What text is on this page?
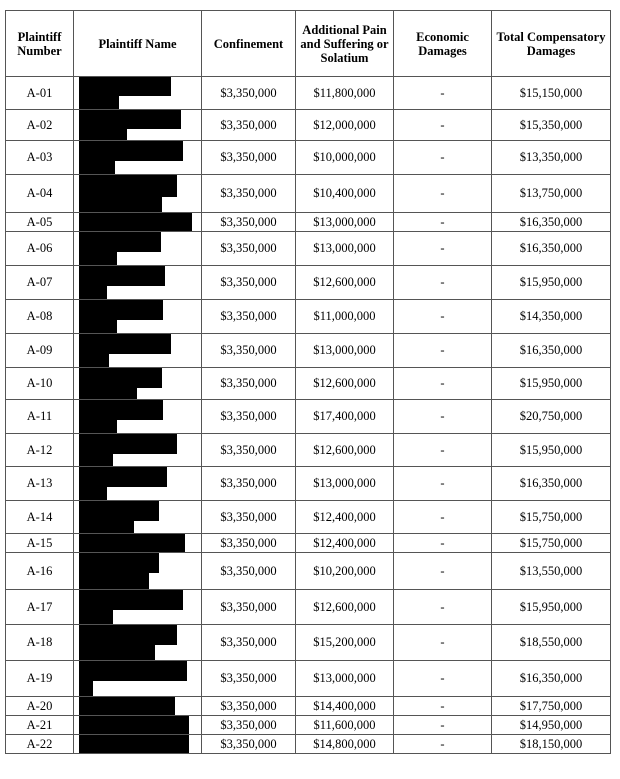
Plaintiff Number	Plaintiff Name	Confinement	Additional Pain and Suffering or Solatium	Economic Damages	Total Compensatory Damages
A-01		$3,350,000	$11,800,000	-	$15,150,000
A-02		$3,350,000	$12,000,000	-	$15,350,000
A-03		$3,350,000	$10,000,000	-	$13,350,000
A-04		$3,350,000	$10,400,000	-	$13,750,000
A-05		$3,350,000	$13,000,000	-	$16,350,000
A-06		$3,350,000	$13,000,000	-	$16,350,000
A-07		$3,350,000	$12,600,000	-	$15,950,000
A-08		$3,350,000	$11,000,000	-	$14,350,000
A-09		$3,350,000	$13,000,000	-	$16,350,000
A-10		$3,350,000	$12,600,000	-	$15,950,000
A-11		$3,350,000	$17,400,000	-	$20,750,000
A-12		$3,350,000	$12,600,000	-	$15,950,000
A-13		$3,350,000	$13,000,000	-	$16,350,000
A-14		$3,350,000	$12,400,000	-	$15,750,000
A-15		$3,350,000	$12,400,000	-	$15,750,000
A-16		$3,350,000	$10,200,000	-	$13,550,000
A-17		$3,350,000	$12,600,000	-	$15,950,000
A-18		$3,350,000	$15,200,000	-	$18,550,000
A-19		$3,350,000	$13,000,000	-	$16,350,000
A-20		$3,350,000	$14,400,000	-	$17,750,000
A-21		$3,350,000	$11,600,000	-	$14,950,000
A-22		$3,350,000	$14,800,000	-	$18,150,000
